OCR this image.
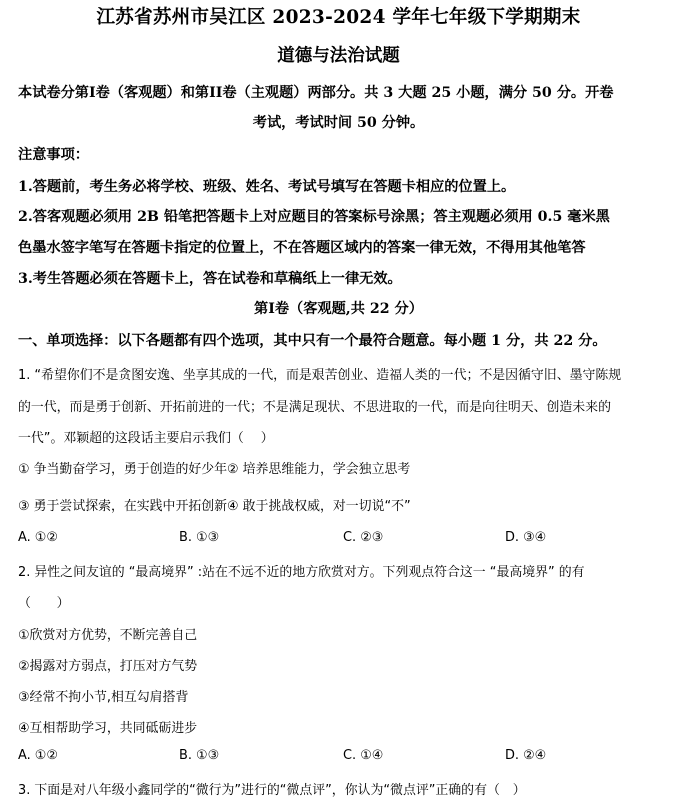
江苏省苏州市吴江区 2023-2024 学年七年级下学期期末
道德与法治试题
本试卷分第I卷（客观题）和第II卷（主观题）两部分。共 3 大题 25 小题，满分 50 分。开卷
考试，考试时间 50 分钟。
注意事项：
1.答题前，考生务必将学校、班级、姓名、考试号填写在答题卡相应的位置上。
2.答客观题必须用 2B 铅笔把答题卡上对应题目的答案标号涂黑；答主观题必须用 0.5 毫米黑
色墨水签字笔写在答题卡指定的位置上，不在答题区域内的答案一律无效，不得用其他笔答
3.考生答题必须在答题卡上，答在试卷和草稿纸上一律无效。
第I卷（客观题,共 22 分）
一、单项选择：以下各题都有四个选项，其中只有一个最符合题意。每小题 1 分，共 22 分。
1. “希望你们不是贪图安逸、坐享其成的一代，而是艰苦创业、造福人类的一代；不是因循守旧、墨守陈规
的一代，而是勇于创新、开拓前进的一代；不是满足现状、不思进取的一代，而是向往明天、创造未来的
一代”。邓颖超的这段话主要启示我们（　 ）
① 争当勤奋学习，勇于创造的好少年② 培养思维能力，学会独立思考
③ 勇于尝试探索，在实践中开拓创新④ 敢于挑战权威，对一切说“不”
A. ①②	B. ①③	C. ②③	D. ③④
2. 异性之间友谊的 “最高境界” :站在不远不近的地方欣赏对方。下列观点符合这一 “最高境界” 的有
（　　）
①欣赏对方优势，不断完善自己
②揭露对方弱点，打压对方气势
③经常不拘小节,相互勾肩搭背
④互相帮助学习，共同砥砺进步
A. ①②	B. ①③	C. ①④	D. ②④
3. 下面是对八年级小鑫同学的“微行为”进行的“微点评”，你认为“微点评”正确的有（　）
